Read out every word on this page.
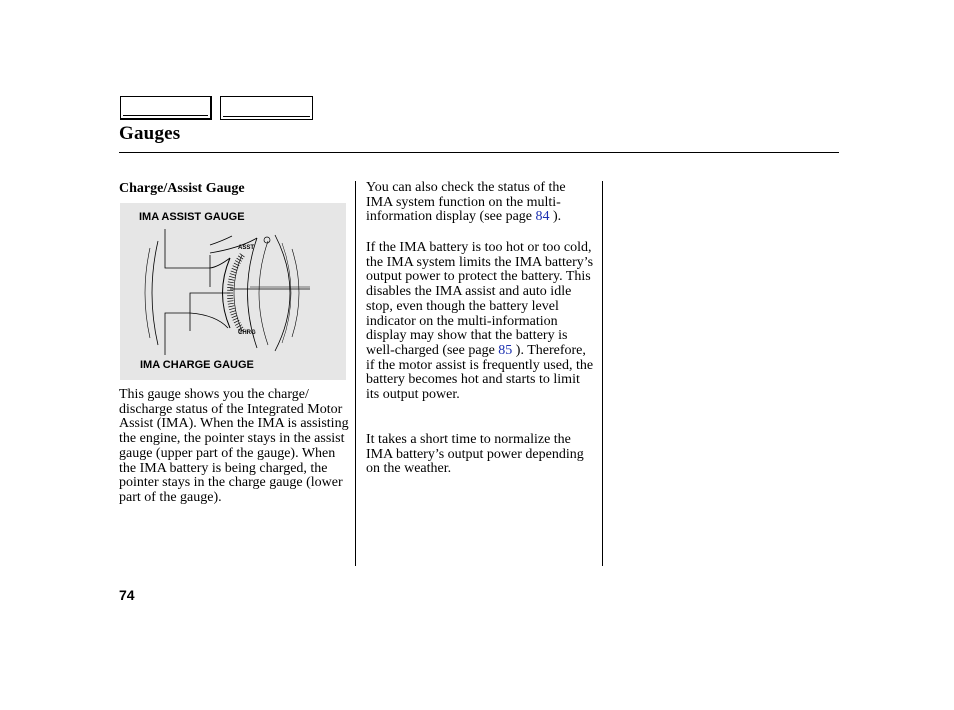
Gauges
Charge/Assist Gauge
IMA ASSIST GAUGE
IMA CHARGE GAUGE
ASST
CHRG

This gauge shows you the charge/ discharge status of the Integrated Motor Assist (IMA). When the IMA is assisting the engine, the pointer stays in the assist gauge (upper part of the gauge). When the IMA battery is being charged, the pointer stays in the charge gauge (lower part of the gauge).

You can also check the status of the IMA system function on the multi-information display (see page 84 ).

If the IMA battery is too hot or too cold, the IMA system limits the IMA battery’s output power to protect the battery. This disables the IMA assist and auto idle stop, even though the battery level indicator on the multi-information display may show that the battery is well-charged (see page 85 ). Therefore, if the motor assist is frequently used, the battery becomes hot and starts to limit its output power.

It takes a short time to normalize the IMA battery’s output power depending on the weather.

74
